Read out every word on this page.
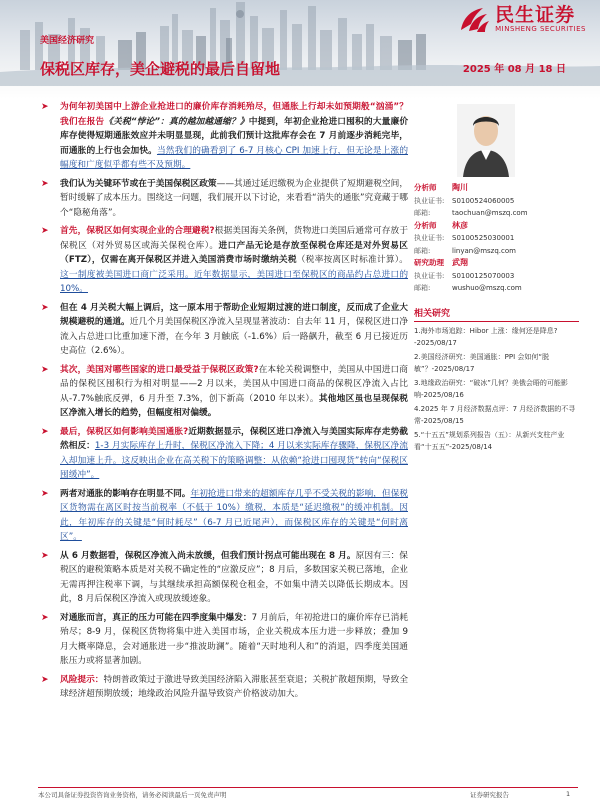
民生证券
MINSHENG SECURITIES
美国经济研究
保税区库存，美企避税的最后自留地	2025 年 08 月 18 日
➤ 为何年初美国中上游企业抢进口的廉价库存消耗殆尽，但通胀上行却未如预期般“汹涌”？我们在报告《关税“悖论”：真的越加越通缩？》中提到，年初企业抢进口囤积的大量廉价库存使得短期通胀效应并未明显显现，此前我们预计这批库存会在 7 月前逐步消耗完毕，而通胀的上行也会加快。当然我们的确看到了 6-7 月核心 CPI 加速上行，但无论是上涨的幅度和广度似乎都有些不及预期。
➤ 我们认为关键环节或在于美国保税区政策——其通过延迟缴税为企业提供了短期避税空间，暂时缓解了成本压力。围绕这一问题，我们展开以下讨论，来看看“消失的通胀”究竟藏于哪个“隐秘角落”。
➤ 首先，保税区如何实现企业的合理避税?根据美国海关条例，货物进口美国后通常可存放于保税区（对外贸易区或海关保税仓库）。进口产品无论是存放至保税仓库还是对外贸易区（FTZ），仅需在离开保税区并进入美国消费市场时缴纳关税（税率按离区时标准计算）。这一制度被美国进口商广泛采用。近年数据显示，美国进口至保税区的商品约占总进口的 10%。
➤ 但在 4 月关税大幅上调后，这一原本用于帮助企业短期过渡的进口制度，反而成了企业大规模避税的通道。近几个月美国保税区净流入呈现显著波动：自去年 11 月，保税区进口净流入占总进口比重加速下滑，在今年 3 月触底（-1.6%）后一路飙升，截至 6 月已接近历史高位（2.6%）。
➤ 其次，美国对哪些国家的进口最受益于保税区政策?在本轮关税调整中，美国从中国进口商品的保税区囤积行为相对明显——2 月以来，美国从中国进口商品的保税区净流入占比从-7.7%触底反弹，6 月升至 7.3%，创下新高（2010 年以来）。其他地区虽也呈现保税区净流入增长的趋势，但幅度相对偏缓。
➤ 最后，保税区如何影响美国通胀?近期数据显示，保税区进口净流入与美国实际库存走势截然相反：1-3 月实际库存上升时，保税区净流入下降；4 月以来实际库存骤降，保税区净流入却加速上升。这反映出企业在高关税下的策略调整：从依赖“抢进口囤现货”转向“保税区囤缓冲”。
➤ 两者对通胀的影响存在明显不同。年初抢进口带来的超额库存几乎不受关税的影响，但保税区货物需在离区时按当前税率（不低于 10%）缴税，本质是“延迟缴税”的缓冲机制。因此，年初库存的关键是“何时耗尽”（6-7 月已近尾声），而保税区库存的关键是“何时离区”。
➤ 从 6 月数据看，保税区净流入尚未放缓，但我们预计拐点可能出现在 8 月。原因有三：保税区的避税策略本质是对关税不确定性的“应激反应”；8 月后，多数国家关税已落地，企业无需再押注税率下调，与其继续承担高额保税仓租金，不如集中清关以降低长期成本。因此，8 月后保税区净流入或现放缓迹象。
➤ 对通胀而言，真正的压力可能在四季度集中爆发：7 月前后，年初抢进口的廉价库存已消耗殆尽；8-9 月，保税区货物将集中进入美国市场，企业关税成本压力进一步释放；叠加 9 月大概率降息，会对通胀进一步“推波助澜”。随着“天时地利人和”的消退，四季度美国通胀压力或将显著加剧。
➤ 风险提示：特朗普政策过于激进导致美国经济陷入滞胀甚至衰退；关税扩散超预期，导致全球经济超预期放缓；地缘政治风险升温导致资产价格波动加大。
分析师	陶川
执业证书:	S0100524060005
邮箱:	taochuan@mszq.com
分析师	林彦
执业证书:	S0100525030001
邮箱:	linyan@mszq.com
研究助理	武翔
执业证书:	S0100125070003
邮箱:	wushuo@mszq.com
相关研究
1.海外市场追踪：Hibor 上涨：缘何还是降息? -2025/08/17
2.美国经济研究：美国通胀：PPI 会如何“脱敏”？-2025/08/17
3.地缘政治研究：“破冰”几何？美俄会晤的可能影响-2025/08/16
4.2025 年 7 月经济数据点评：7 月经济数据的不寻常-2025/08/15
5.“十五五”规划系列报告（五）：从新兴支柱产业看“十五五”-2025/08/14
本公司具备证券投资咨询业务资格，请务必阅读最后一页免责声明	证券研究报告	1
